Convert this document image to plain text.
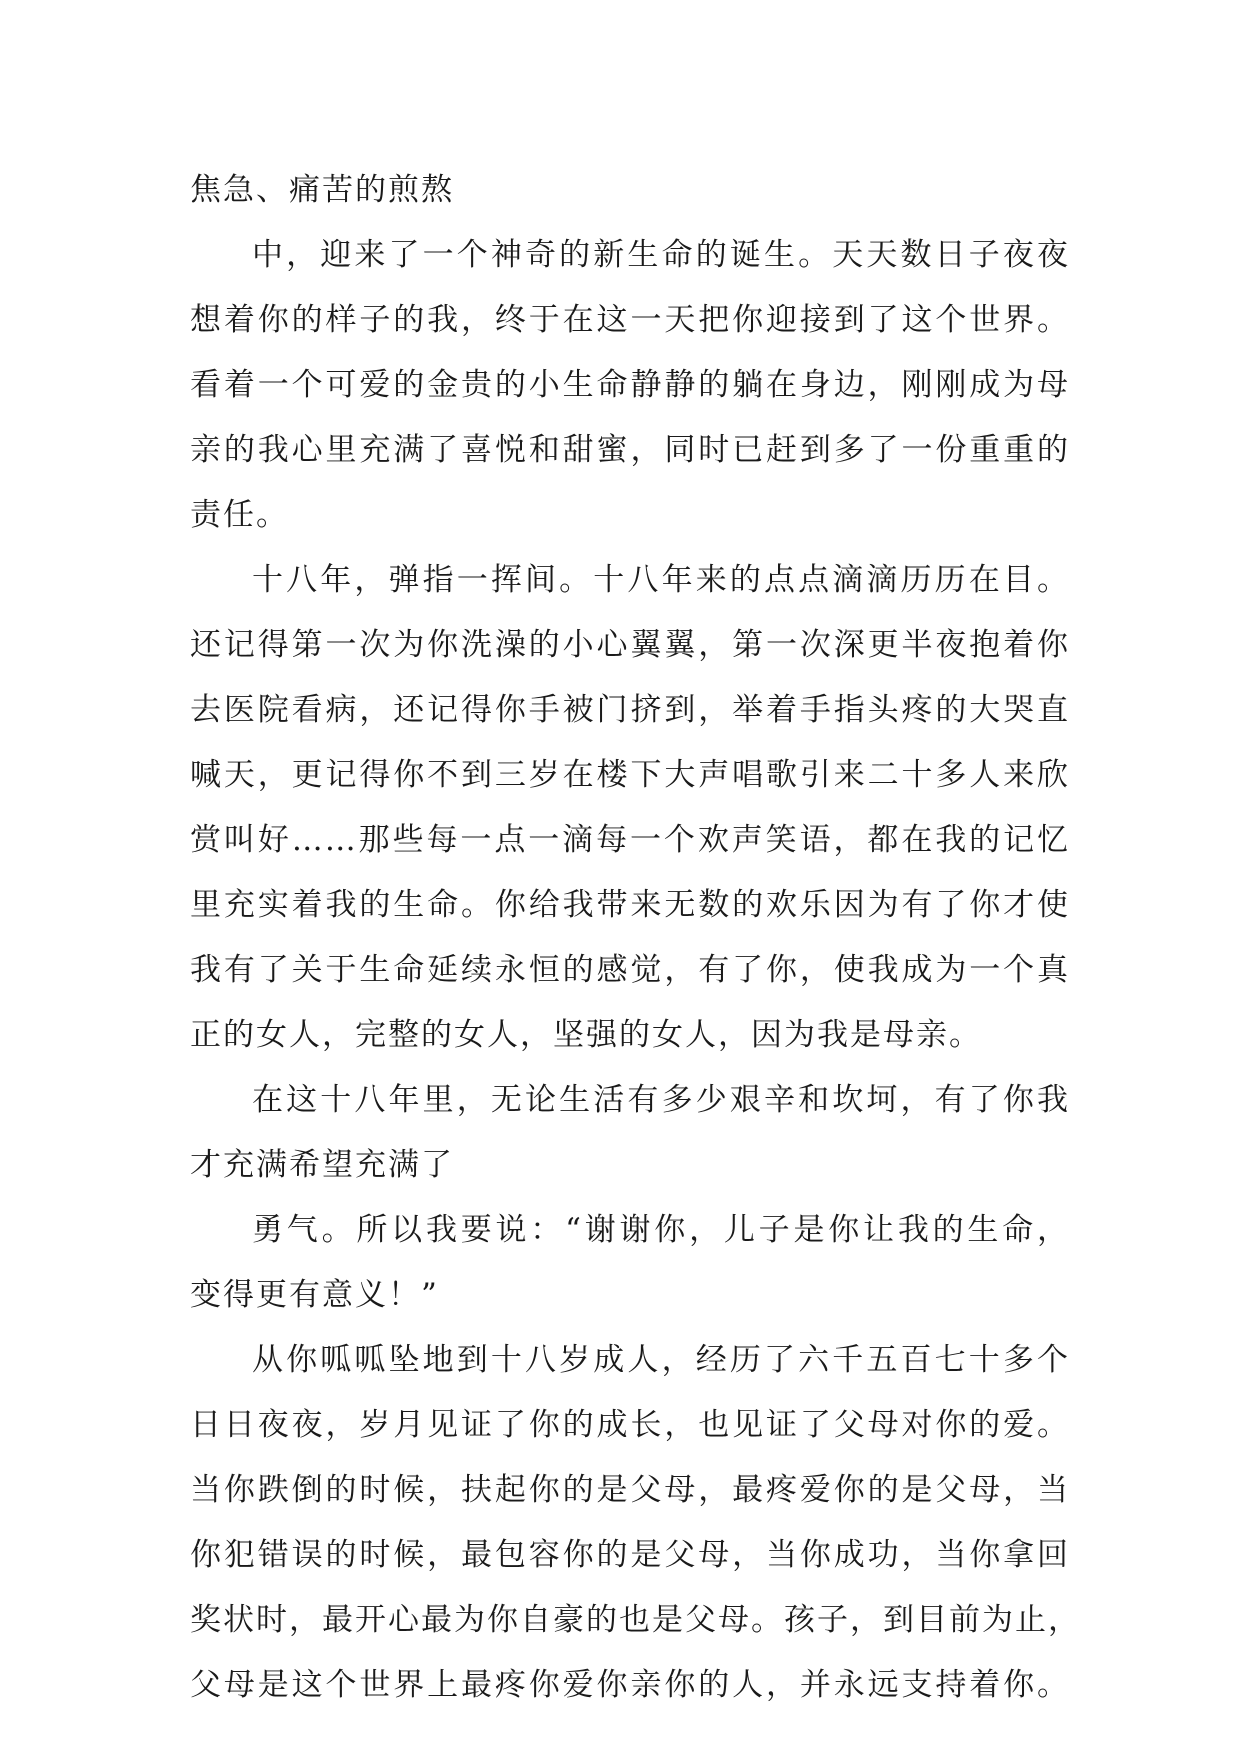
焦急、痛苦的煎熬
中，迎来了一个神奇的新生命的诞生。天天数日子夜夜
想着你的样子的我，终于在这一天把你迎接到了这个世界。
看着一个可爱的金贵的小生命静静的躺在身边，刚刚成为母
亲的我心里充满了喜悦和甜蜜，同时已赶到多了一份重重的
责任。
十八年，弹指一挥间。十八年来的点点滴滴历历在目。
还记得第一次为你洗澡的小心翼翼，第一次深更半夜抱着你
去医院看病，还记得你手被门挤到，举着手指头疼的大哭直
喊天，更记得你不到三岁在楼下大声唱歌引来二十多人来欣
赏叫好……那些每一点一滴每一个欢声笑语，都在我的记忆
里充实着我的生命。你给我带来无数的欢乐因为有了你才使
我有了关于生命延续永恒的感觉，有了你，使我成为一个真
正的女人，完整的女人，坚强的女人，因为我是母亲。
在这十八年里，无论生活有多少艰辛和坎坷，有了你我
才充满希望充满了
勇气。所以我要说：“谢谢你，儿子是你让我的生命，
变得更有意义！”
从你呱呱坠地到十八岁成人，经历了六千五百七十多个
日日夜夜，岁月见证了你的成长，也见证了父母对你的爱。
当你跌倒的时候，扶起你的是父母，最疼爱你的是父母，当
你犯错误的时候，最包容你的是父母，当你成功，当你拿回
奖状时，最开心最为你自豪的也是父母。孩子，到目前为止，
父母是这个世界上最疼你爱你亲你的人，并永远支持着你。
